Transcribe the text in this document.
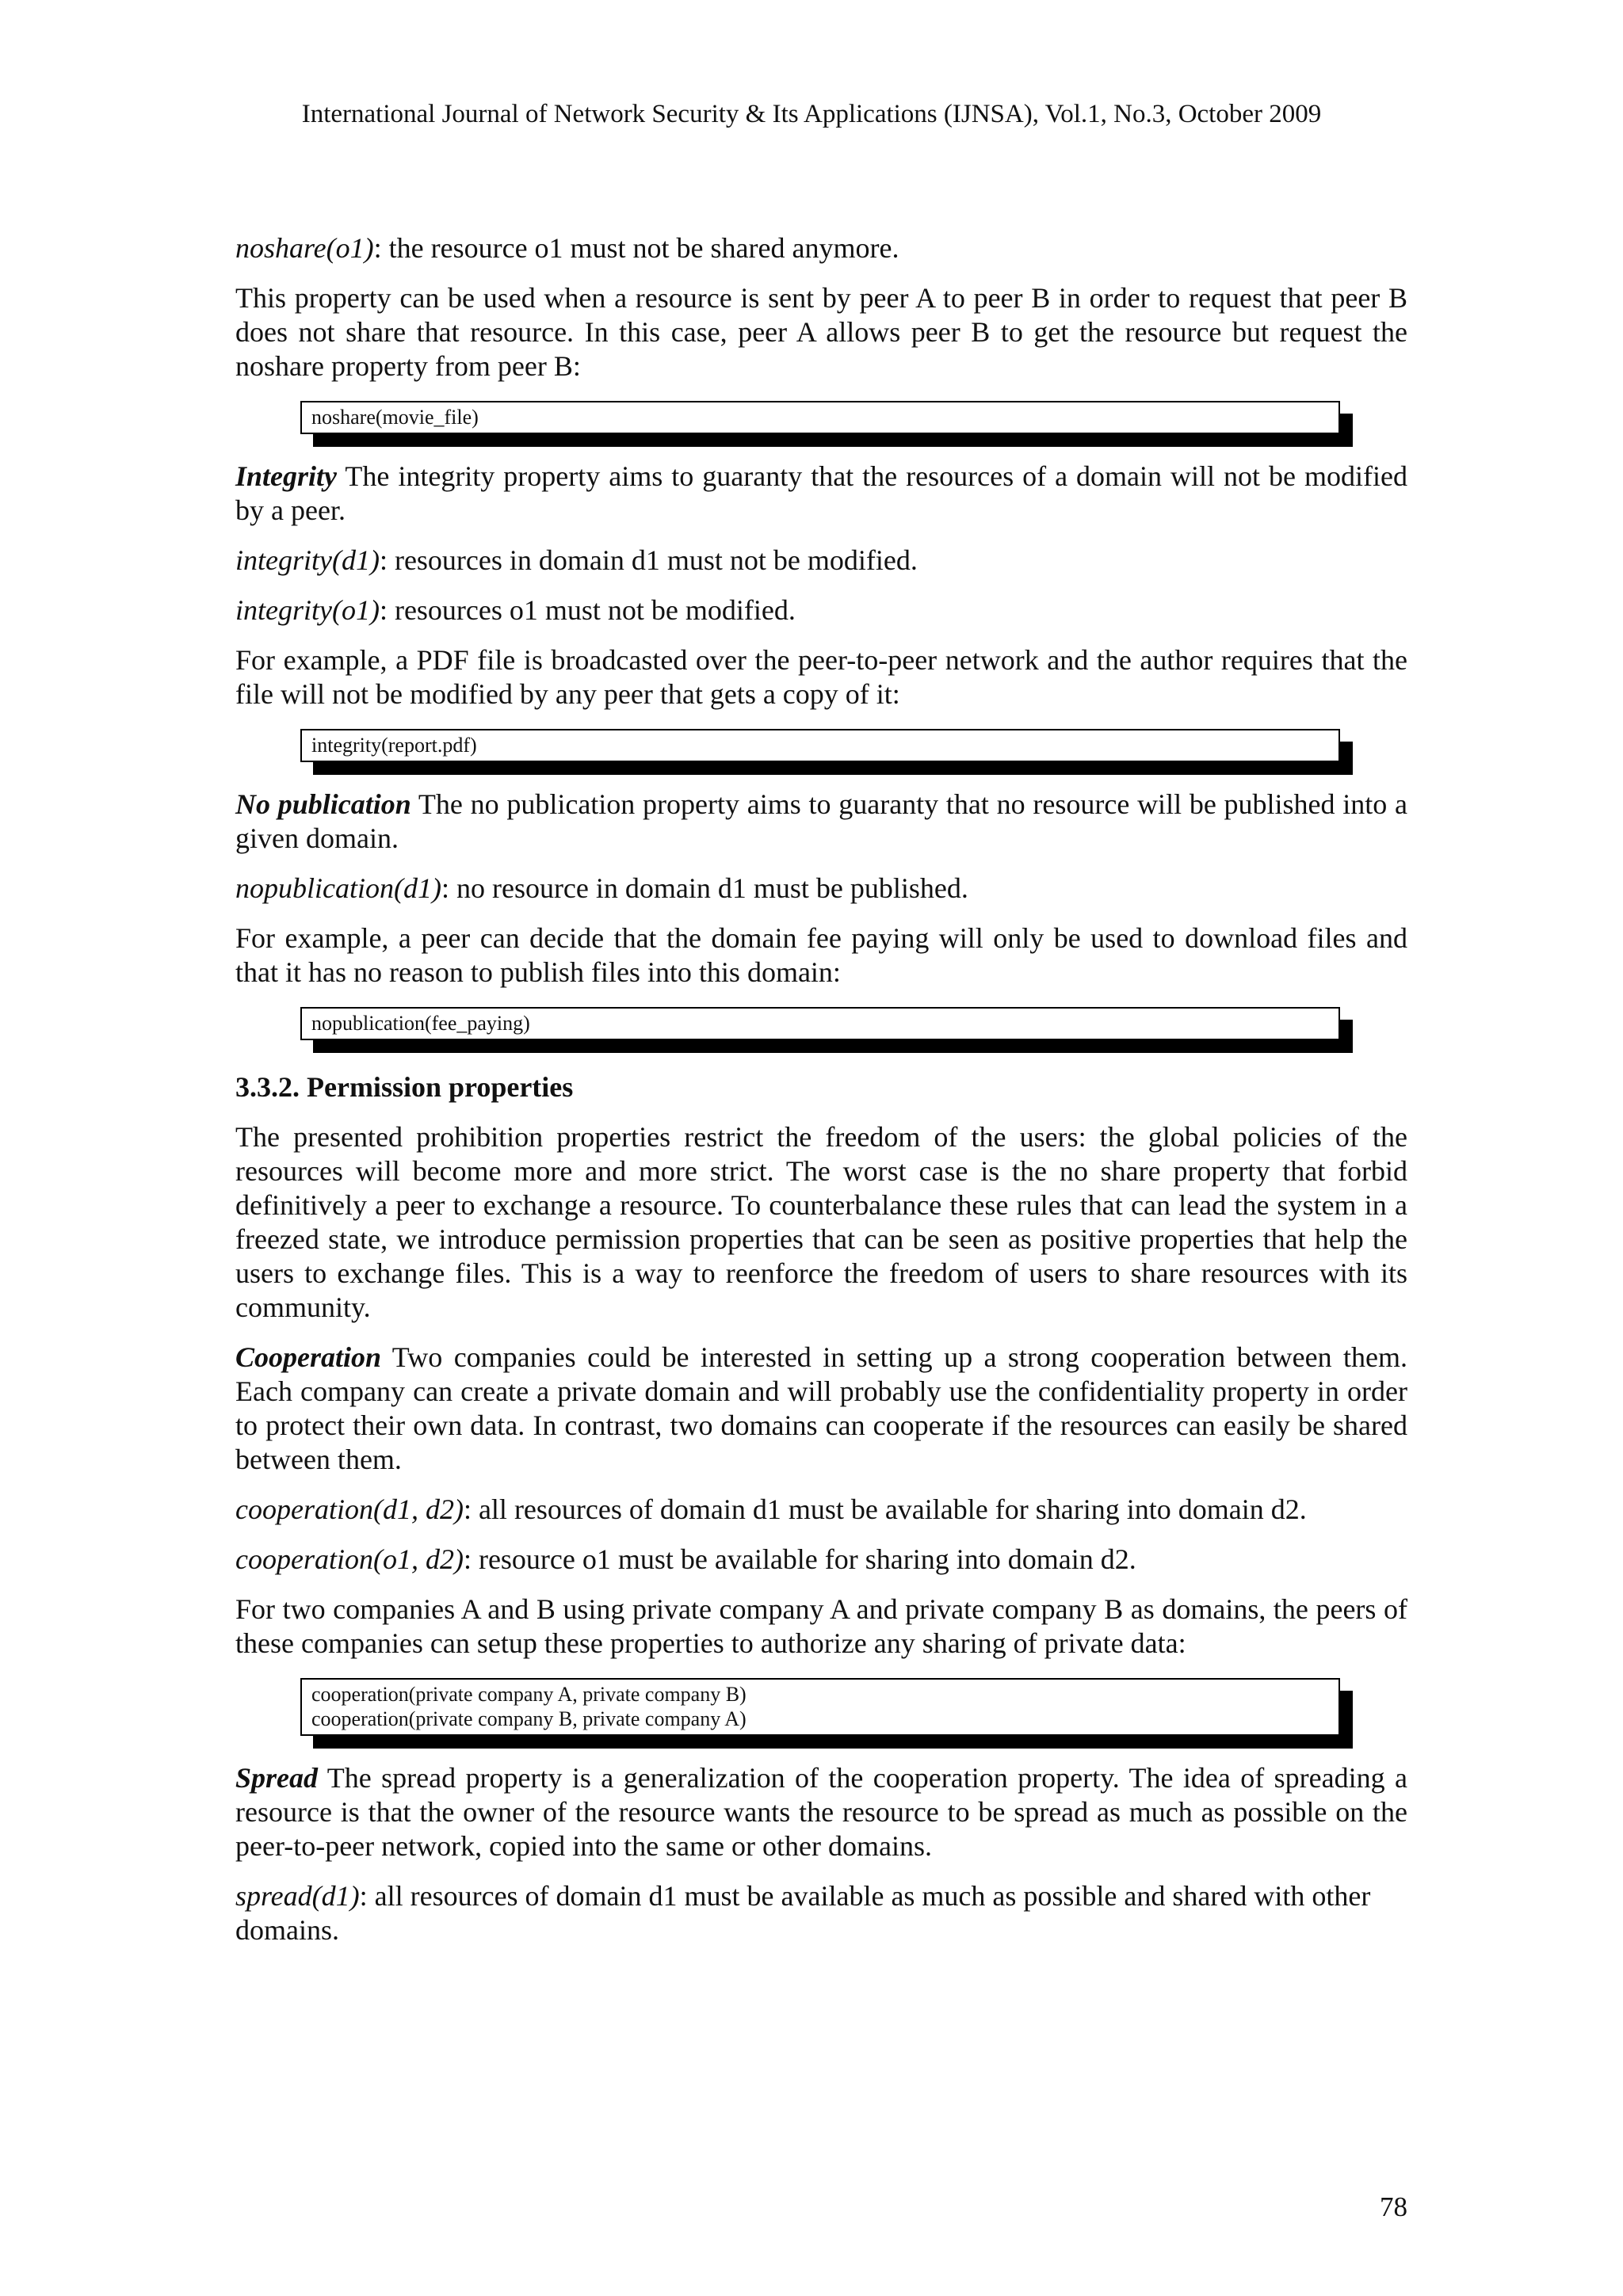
International Journal of Network Security & Its Applications (IJNSA), Vol.1, No.3, October 2009

noshare(o1): the resource o1 must not be shared anymore.

This property can be used when a resource is sent by peer A to peer B in order to request that peer B does not share that resource. In this case, peer A allows peer B to get the resource but request the noshare property from peer B:

noshare(movie_file)

Integrity The integrity property aims to guaranty that the resources of a domain will not be modified by a peer.

integrity(d1): resources in domain d1 must not be modified.

integrity(o1): resources o1 must not be modified.

For example, a PDF file is broadcasted over the peer-to-peer network and the author requires that the file will not be modified by any peer that gets a copy of it:

integrity(report.pdf)

No publication The no publication property aims to guaranty that no resource will be published into a given domain.

nopublication(d1): no resource in domain d1 must be published.

For example, a peer can decide that the domain fee paying will only be used to download files and that it has no reason to publish files into this domain:

nopublication(fee_paying)
3.3.2. Permission properties

The presented prohibition properties restrict the freedom of the users: the global policies of the resources will become more and more strict. The worst case is the no share property that forbid definitively a peer to exchange a resource. To counterbalance these rules that can lead the system in a freezed state, we introduce permission properties that can be seen as positive properties that help the users to exchange files. This is a way to reenforce the freedom of users to share resources with its community.

Cooperation Two companies could be interested in setting up a strong cooperation between them. Each company can create a private domain and will probably use the confidentiality property in order to protect their own data. In contrast, two domains can cooperate if the resources can easily be shared between them.

cooperation(d1, d2): all resources of domain d1 must be available for sharing into domain d2.

cooperation(o1, d2): resource o1 must be available for sharing into domain d2.

For two companies A and B using private company A and private company B as domains, the peers of these companies can setup these properties to authorize any sharing of private data:

cooperation(private company A, private company B)
cooperation(private company B, private company A)

Spread The spread property is a generalization of the cooperation property. The idea of spreading a resource is that the owner of the resource wants the resource to be spread as much as possible on the peer-to-peer network, copied into the same or other domains.

spread(d1): all resources of domain d1 must be available as much as possible and shared with other domains.

78
